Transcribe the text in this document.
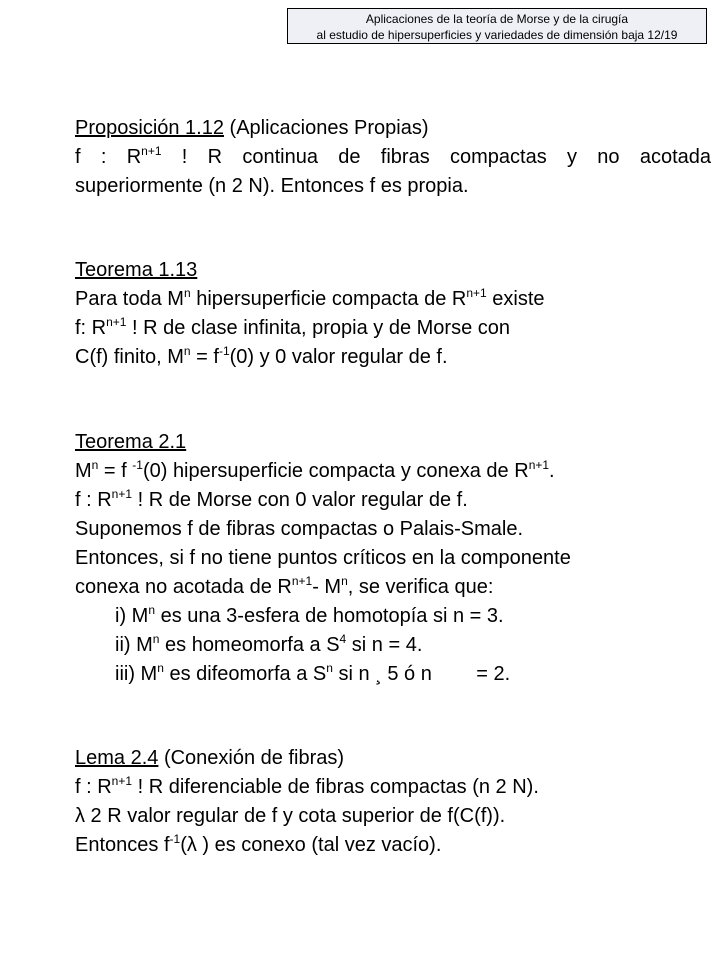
Aplicaciones de la teoría de Morse y de la cirugía
al estudio de hipersuperficies y variedades de dimensión baja 12/19
Proposición 1.12 (Aplicaciones Propias)
f : $R^{n+1}$ ! R continua de fibras compactas y no acotada
superiormente (n 2 N). Entonces f es propia.
Teorema 1.13
Para toda $M^n$ hipersuperficie compacta de $R^{n+1}$ existe
f: $R^{n+1}$ ! R de clase infinita, propia y de Morse con
C(f) finito, $M^n = f^{-1}(0)$ y 0 valor regular de f.
Teorema 2.1
$M^n = f$ $^{-1}$(0) hipersuperficie compacta y conexa de $R^{n+1}$.
f : $R^{n+1}$ ! R de Morse con 0 valor regular de f.
Suponemos f de fibras compactas o Palais-Smale.
Entonces, si f no tiene puntos críticos en la componente
conexa no acotada de $R^{n+1}-$ $M^n$, se verifica que:
i) $M^n$ es una 3-esfera de homotopía si n = 3.
ii) $M^n$ es homeomorfa a $S^4$ si n = 4.
iii) $M^n$ es difeomorfa a $S^n$ si n ¸ 5 ó n        = 2.
Lema 2.4 (Conexión de fibras)
f : $R^{n+1}$ ! R diferenciable de fibras compactas (n 2 N).
λ 2 R valor regular de f y cota superior de f(C(f)).
Entonces $f^{-1}(\lambda$ ) es conexo (tal vez vacío).
